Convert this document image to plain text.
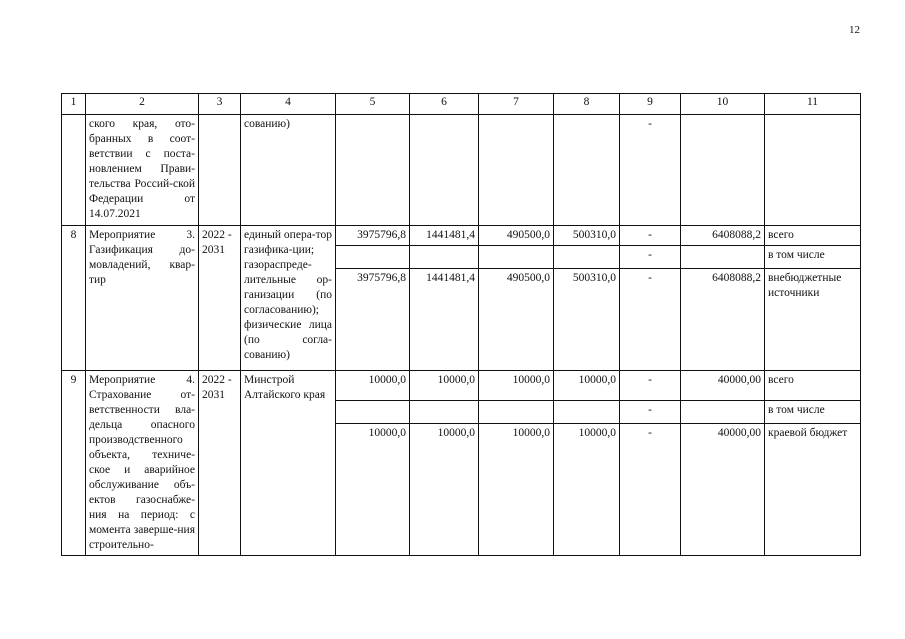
12
1	2	3	4	5	6	7	8	9	10	11
	ского края, ото-бранных в соот-ветствии с поста-новлением Прави-тельства Россий-ской Федерации от 14.07.2021		сованию)					-		
8	Мероприятие 3. Газификация до-мовладений, квар-тир	2022 - 2031	единый опера-тор газифика-ции; газораспреде-лительные ор-ганизации (по согласованию); физические лица (по согла-сованию)	3975796,8	1441481,4	490500,0	500310,0	-	6408088,2	всего
								-		в том числе
				3975796,8	1441481,4	490500,0	500310,0	-	6408088,2	внебюджетные источники
9	Мероприятие 4. Страхование от-ветственности вла-дельца опасного производственного объекта, техниче-ское и аварийное обслуживание объ-ектов газоснабже-ния на период: с момента заверше-ния строительно-	2022 - 2031	Минстрой Алтайского края	10000,0	10000,0	10000,0	10000,0	-	40000,00	всего
								-		в том числе
				10000,0	10000,0	10000,0	10000,0	-	40000,00	краевой бюджет
